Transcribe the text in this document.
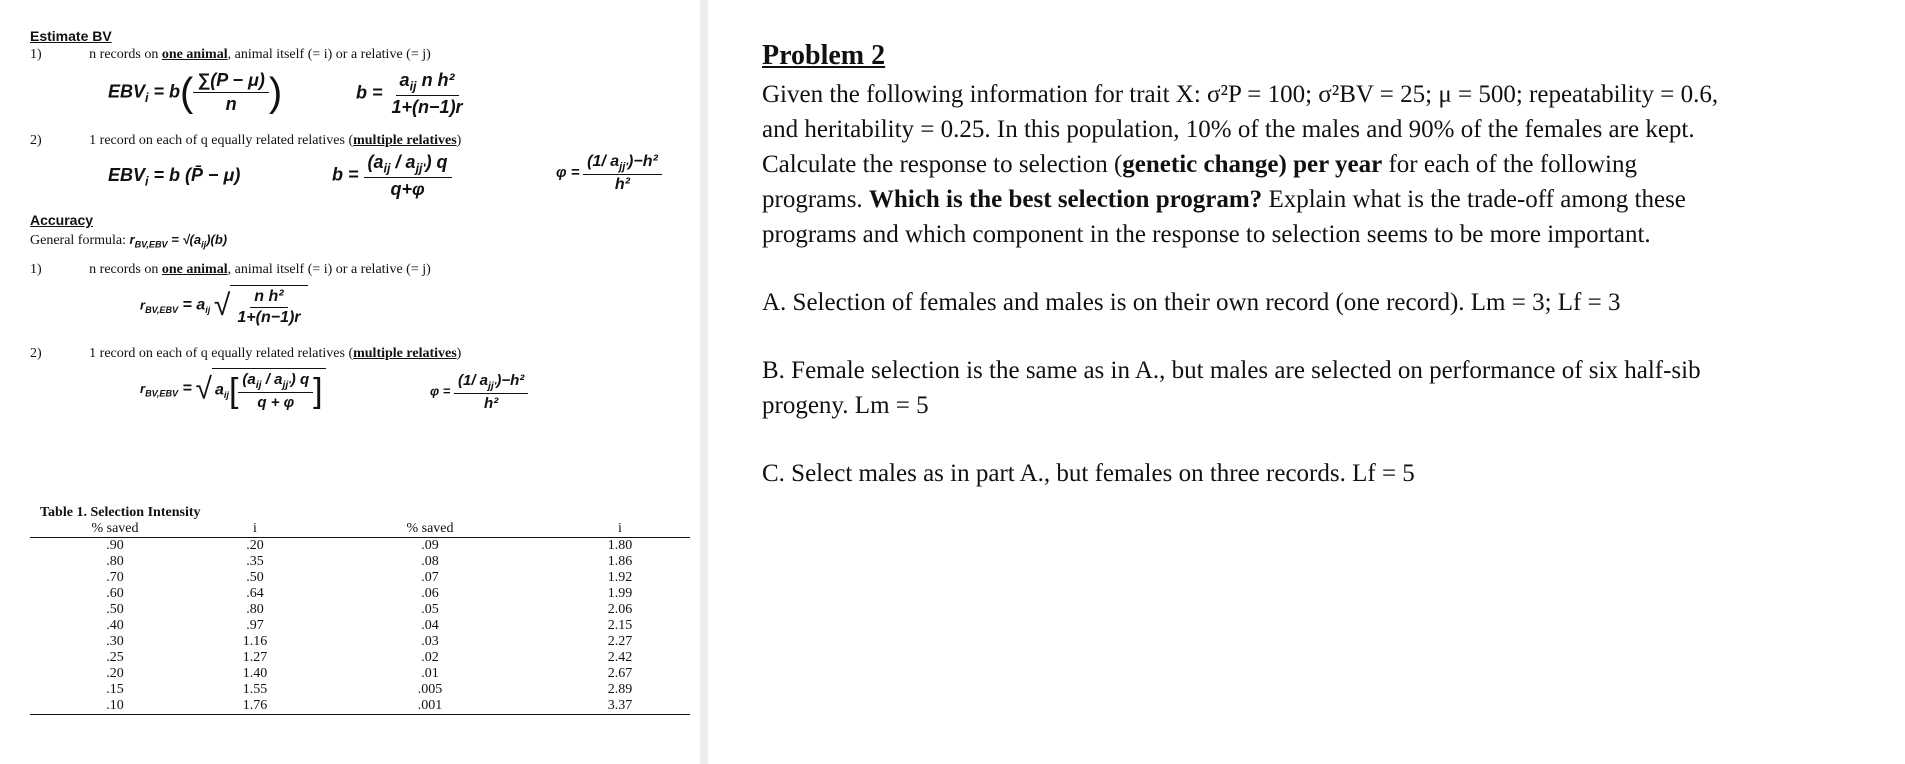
Estimate BV
1)	n records on one animal, animal itself (= i) or a relative (= j)
$EBV_i = b( \frac{\sum(P - \mu)}{n}$ )	$b = \frac{a_{ij} n h^2}{1+(n-1)r}$
2)	1 record on each of q equally related relatives (multiple relatives)
$EBV_i = b$ (P̄ − μ)	$b = \frac{(a_{ij} / a_{jj'}) q}{q+\varphi}$	$\varphi = \frac{(1/ a_{jj'})-h^2}{\text{h²}}$
Accuracy
General formula: $r_{BV,EBV} = √(a_{ij})(b)$
1)	n records on one animal, animal itself (= i) or a relative (= j)
$r_{BV,EBV} = a_{ij}$ √ $\frac{\text{n h²}}{1+(n-1)r}$
2)	1 record on each of q equally related relatives (multiple relatives)
$r_{BV,EBV}$ = √ $a_{ij}[ \frac{(a_{ij} / a_{jj'}) q}{q + \varphi}$ ]	$\varphi = \frac{(1/ a_{jj'})-h^2}{\text{h²}}$
Table 1. Selection Intensity
% saved	i	% saved	i
.90	.20	.09	1.80
.80	.35	.08	1.86
.70	.50	.07	1.92
.60	.64	.06	1.99
.50	.80	.05	2.06
.40	.97	.04	2.15
.30	1.16	.03	2.27
.25	1.27	.02	2.42
.20	1.40	.01	2.67
.15	1.55	.005	2.89
.10	1.76	.001	3.37
Problem 2
Given the following information for trait X: σ²P = 100; σ²BV = 25; μ = 500; repeatability = 0.6,
and heritability = 0.25. In this population, 10% of the males and 90% of the females are kept.
Calculate the response to selection (genetic change) per year for each of the following
programs. Which is the best selection program? Explain what is the trade-off among these
programs and which component in the response to selection seems to be more important.
A. Selection of females and males is on their own record (one record). Lm = 3; Lf = 3
B. Female selection is the same as in A., but males are selected on performance of six half-sib
progeny. Lm = 5
C. Select males as in part A., but females on three records. Lf = 5
